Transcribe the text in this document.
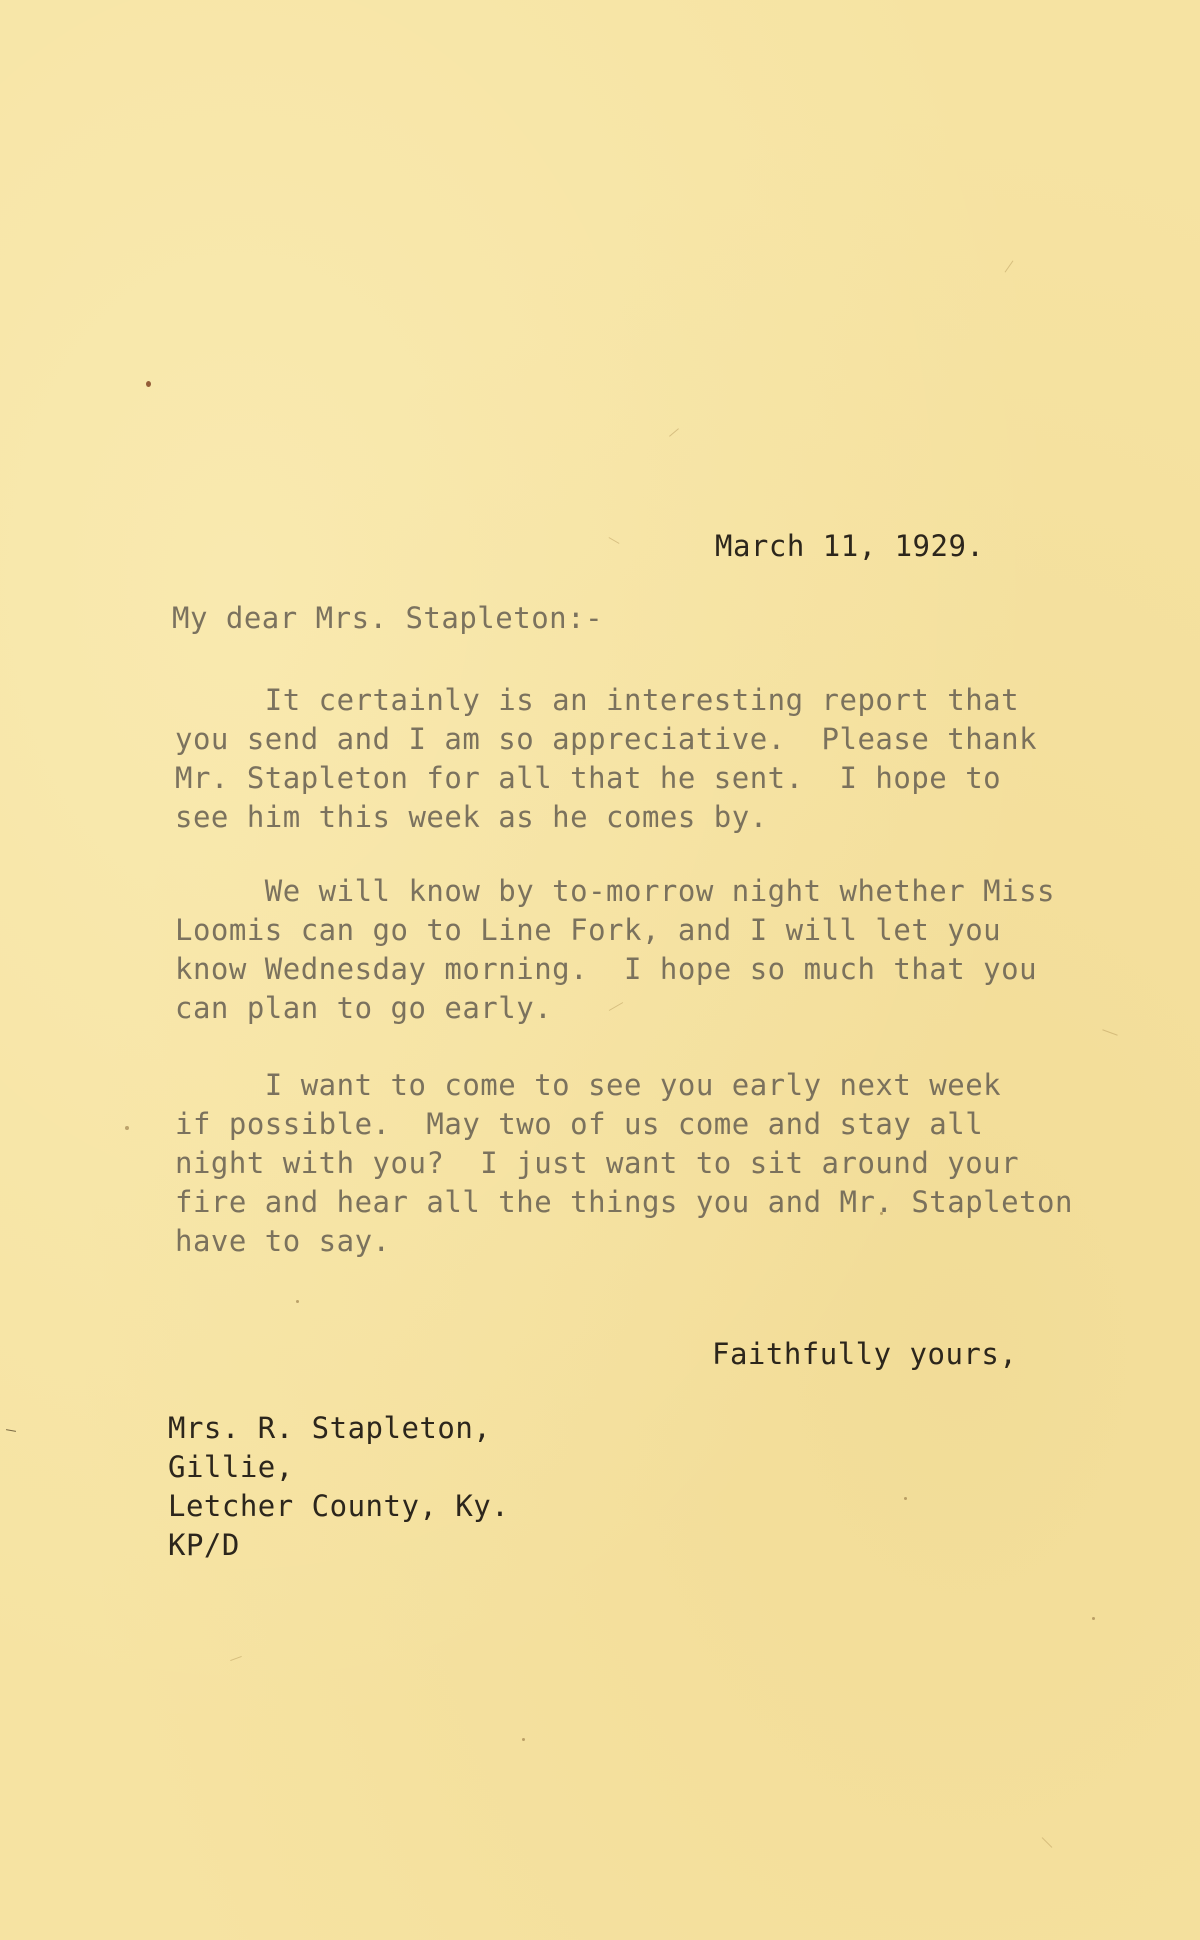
March 11, 1929.
My dear Mrs. Stapleton:-
It certainly is an interesting report that
you send and I am so appreciative.  Please thank
Mr. Stapleton for all that he sent.  I hope to
see him this week as he comes by.
We will know by to-morrow night whether Miss
Loomis can go to Line Fork, and I will let you
know Wednesday morning.  I hope so much that you
can plan to go early.
I want to come to see you early next week
if possible.  May two of us come and stay all
night with you?  I just want to sit around your
fire and hear all the things you and Mr. Stapleton
have to say.
Faithfully yours,
Mrs. R. Stapleton,
Gillie,
Letcher County, Ky.
KP/D
